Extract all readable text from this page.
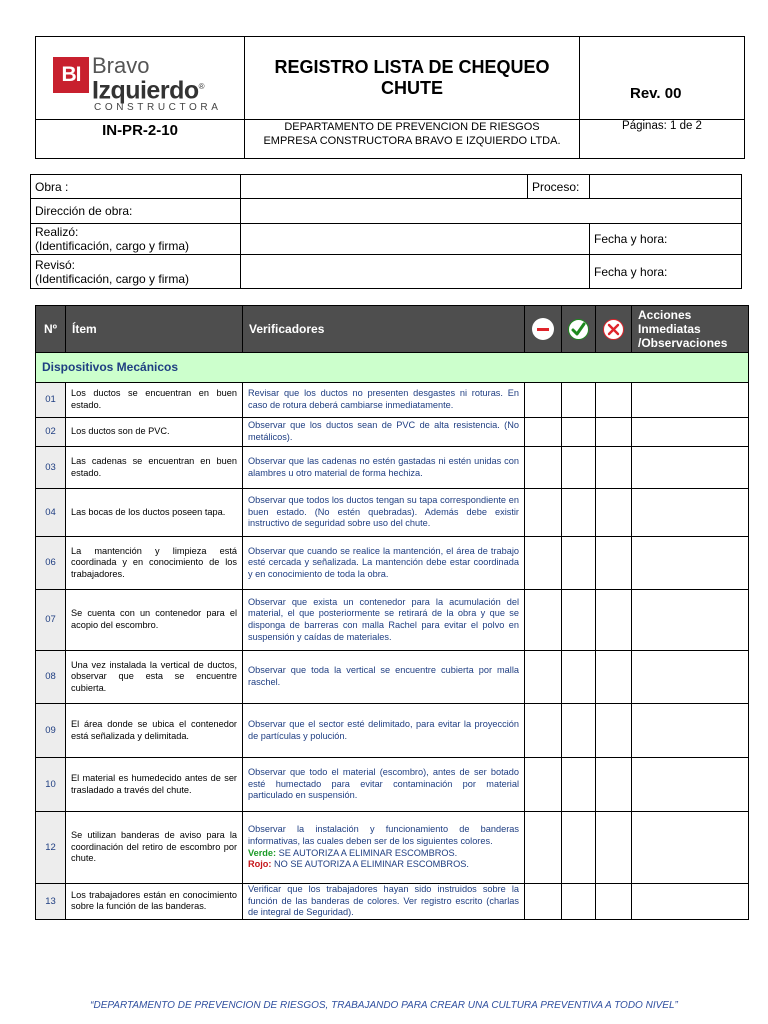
BI Bravo
Izquierdo®
CONSTRUCTORA	REGISTRO LISTA DE CHEQUEO CHUTE	Rev. 00

IN-PR-2-10	DEPARTAMENTO DE PREVENCION DE RIESGOS
EMPRESA CONSTRUCTORA BRAVO E IZQUIERDO LTDA.	Páginas: 1 de 2
Obra :		Proceso:	
Dirección de obra:			

Realizó:
(Identificación, cargo y firma)			Fecha y hora:

Revisó:
(Identificación, cargo y firma)			Fecha y hora:
Nº	Ítem	Verificadores				Acciones
Inmediatas
/Observaciones

Dispositivos Mecánicos						
01	Los ductos se encuentran en buen estado.	Revisar que los ductos no presenten desgastes ni roturas. En caso de rotura deberá cambiarse inmediatamente.				
02	Los ductos son de PVC.	Observar que los ductos sean de PVC de alta resistencia. (No metálicos).				
03	Las cadenas se encuentran en buen estado.	Observar que las cadenas no estén gastadas ni estén unidas con alambres u otro material de forma hechiza.				
04	Las bocas de los ductos poseen tapa.	Observar que todos los ductos tengan su tapa correspondiente en buen estado. (No estén quebradas). Además debe existir instructivo de seguridad sobre uso del chute.				
06	La mantención y limpieza está coordinada y en conocimiento de los trabajadores.	Observar que cuando se realice la mantención, el área de trabajo esté cercada y señalizada. La mantención debe estar coordinada y en conocimiento de toda la obra.				
07	Se cuenta con un contenedor para el acopio del escombro.	Observar que exista un contenedor para la acumulación del material, el que posteriormente se retirará de la obra y que se disponga de barreras con malla Rachel para evitar el polvo en suspensión y caídas de materiales.				
08	Una vez instalada la vertical de ductos, observar que esta se encuentre cubierta.	Observar que toda la vertical se encuentre cubierta por malla raschel.				
09	El área donde se ubica el contenedor está señalizada y delimitada.	Observar que el sector esté delimitado, para evitar la proyección de partículas y polución.				
10	El material es humedecido antes de ser trasladado a través del chute.	Observar que todo el material (escombro), antes de ser botado esté humectado para evitar contaminación por material particulado en suspensión.				
12	Se utilizan banderas de aviso para la coordinación del retiro de escombro por chute.	Observar la instalación y funcionamiento de banderas informativas, las cuales deben ser de los siguientes colores.
Verde: SE AUTORIZA A ELIMINAR ESCOMBROS.
Rojo: NO SE AUTORIZA A ELIMINAR ESCOMBROS.				
13	Los trabajadores están en conocimiento sobre la función de las banderas.	Verificar que los trabajadores hayan sido instruidos sobre la función de las banderas de colores. Ver registro escrito (charlas de integral de Seguridad).				
“DEPARTAMENTO DE PREVENCION DE RIESGOS, TRABAJANDO PARA CREAR UNA CULTURA PREVENTIVA A TODO NIVEL”
